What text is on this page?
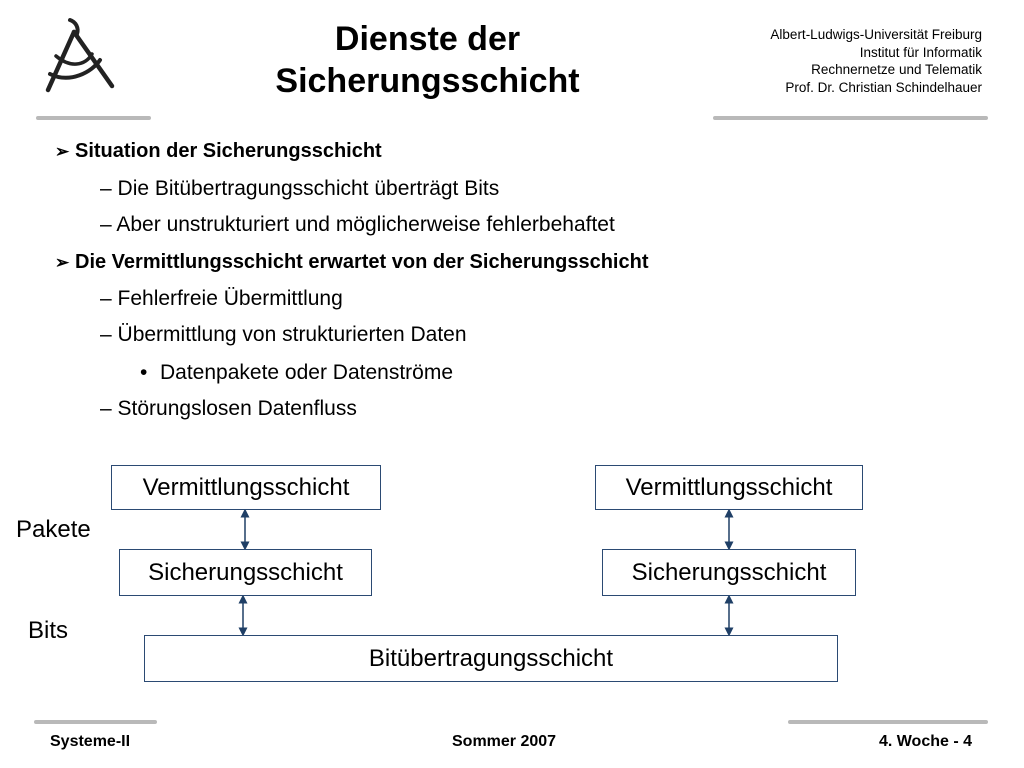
Dienste der
Sicherungsschicht
Albert-Ludwigs-Universität Freiburg
Institut für Informatik
Rechnernetze und Telematik
Prof. Dr. Christian Schindelhauer
➢ Situation der Sicherungsschicht
– Die Bitübertragungsschicht überträgt Bits
– Aber unstrukturiert und möglicherweise fehlerbehaftet
➢ Die Vermittlungsschicht erwartet von der Sicherungsschicht
– Fehlerfreie Übermittlung
– Übermittlung von strukturierten Daten
• Datenpakete oder Datenströme
– Störungslosen Datenfluss
Vermittlungsschicht	Vermittlungsschicht
Sicherungsschicht	Sicherungsschicht
Bitübertragungsschicht
Pakete
Bits
Systeme-II	Sommer 2007	4. Woche - 4
